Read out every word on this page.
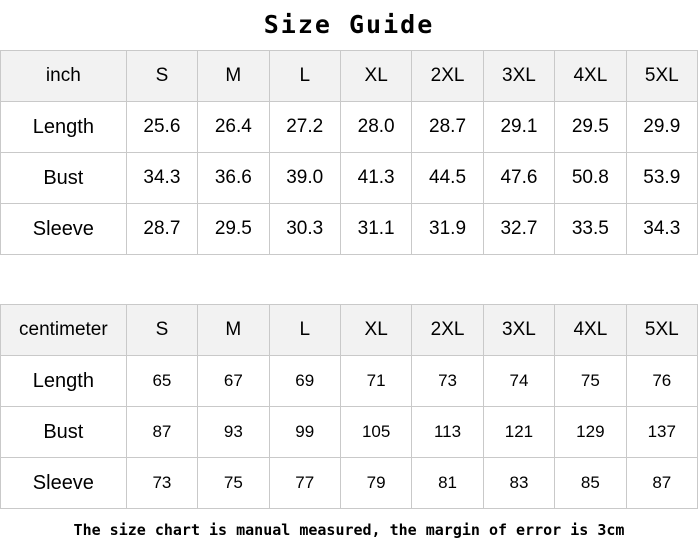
Size Guide
inch	S	M	L	XL	2XL	3XL	4XL	5XL
Length	25.6	26.4	27.2	28.0	28.7	29.1	29.5	29.9
Bust	34.3	36.6	39.0	41.3	44.5	47.6	50.8	53.9
Sleeve	28.7	29.5	30.3	31.1	31.9	32.7	33.5	34.3
centimeter	S	M	L	XL	2XL	3XL	4XL	5XL
Length	65	67	69	71	73	74	75	76
Bust	87	93	99	105	113	121	129	137
Sleeve	73	75	77	79	81	83	85	87
The size chart is manual measured, the margin of error is 3cm
